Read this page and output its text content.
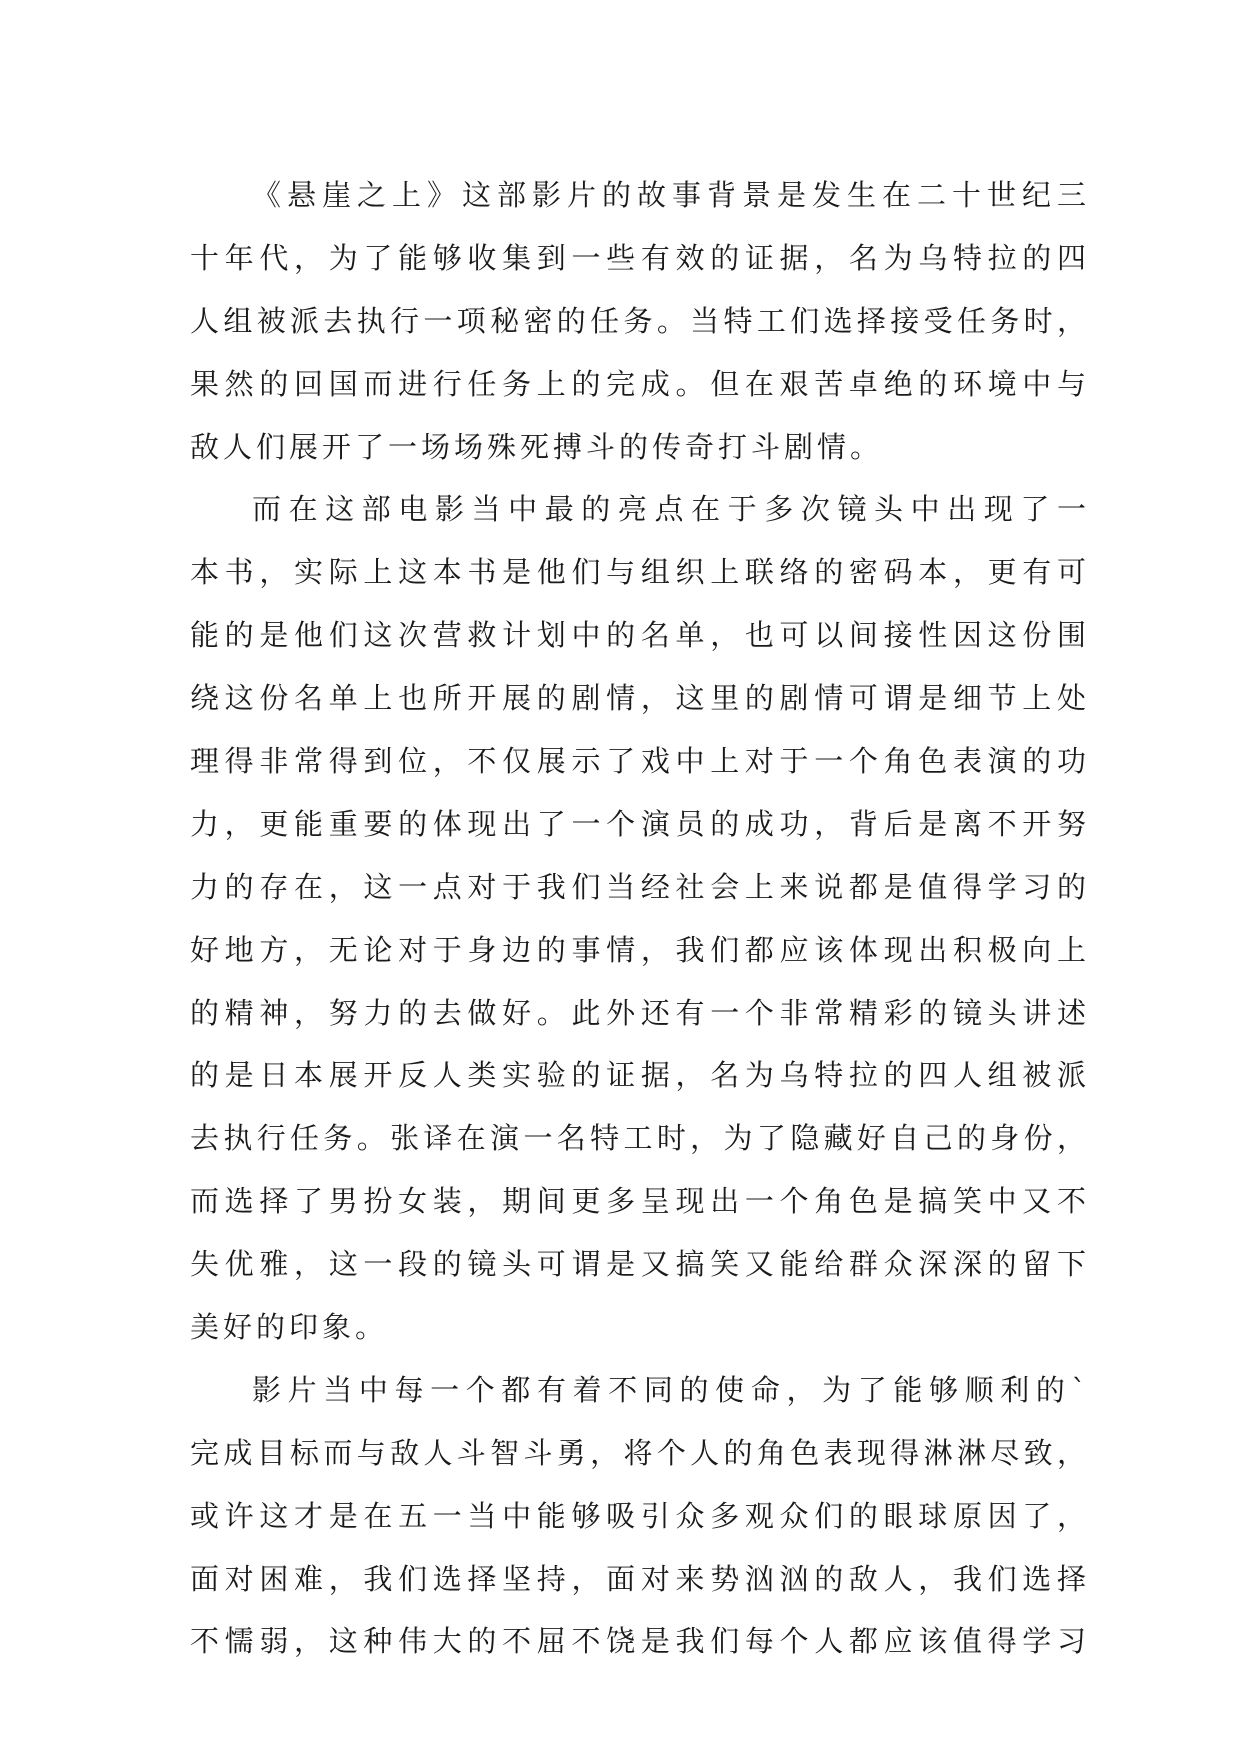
《悬崖之上》这部影片的故事背景是发生在二十世纪三
十年代，为了能够收集到一些有效的证据，名为乌特拉的四
人组被派去执行一项秘密的任务。当特工们选择接受任务时，
果然的回国而进行任务上的完成。但在艰苦卓绝的环境中与
敌人们展开了一场场殊死搏斗的传奇打斗剧情。
而在这部电影当中最的亮点在于多次镜头中出现了一
本书，实际上这本书是他们与组织上联络的密码本，更有可
能的是他们这次营救计划中的名单，也可以间接性因这份围
绕这份名单上也所开展的剧情，这里的剧情可谓是细节上处
理得非常得到位，不仅展示了戏中上对于一个角色表演的功
力，更能重要的体现出了一个演员的成功，背后是离不开努
力的存在，这一点对于我们当经社会上来说都是值得学习的
好地方，无论对于身边的事情，我们都应该体现出积极向上
的精神，努力的去做好。此外还有一个非常精彩的镜头讲述
的是日本展开反人类实验的证据，名为乌特拉的四人组被派
去执行任务。张译在演一名特工时，为了隐藏好自己的身份，
而选择了男扮女装，期间更多呈现出一个角色是搞笑中又不
失优雅，这一段的镜头可谓是又搞笑又能给群众深深的留下
美好的印象。
影片当中每一个都有着不同的使命，为了能够顺利的`
完成目标而与敌人斗智斗勇，将个人的角色表现得淋淋尽致，
或许这才是在五一当中能够吸引众多观众们的眼球原因了，
面对困难，我们选择坚持，面对来势汹汹的敌人，我们选择
不懦弱，这种伟大的不屈不饶是我们每个人都应该值得学习
